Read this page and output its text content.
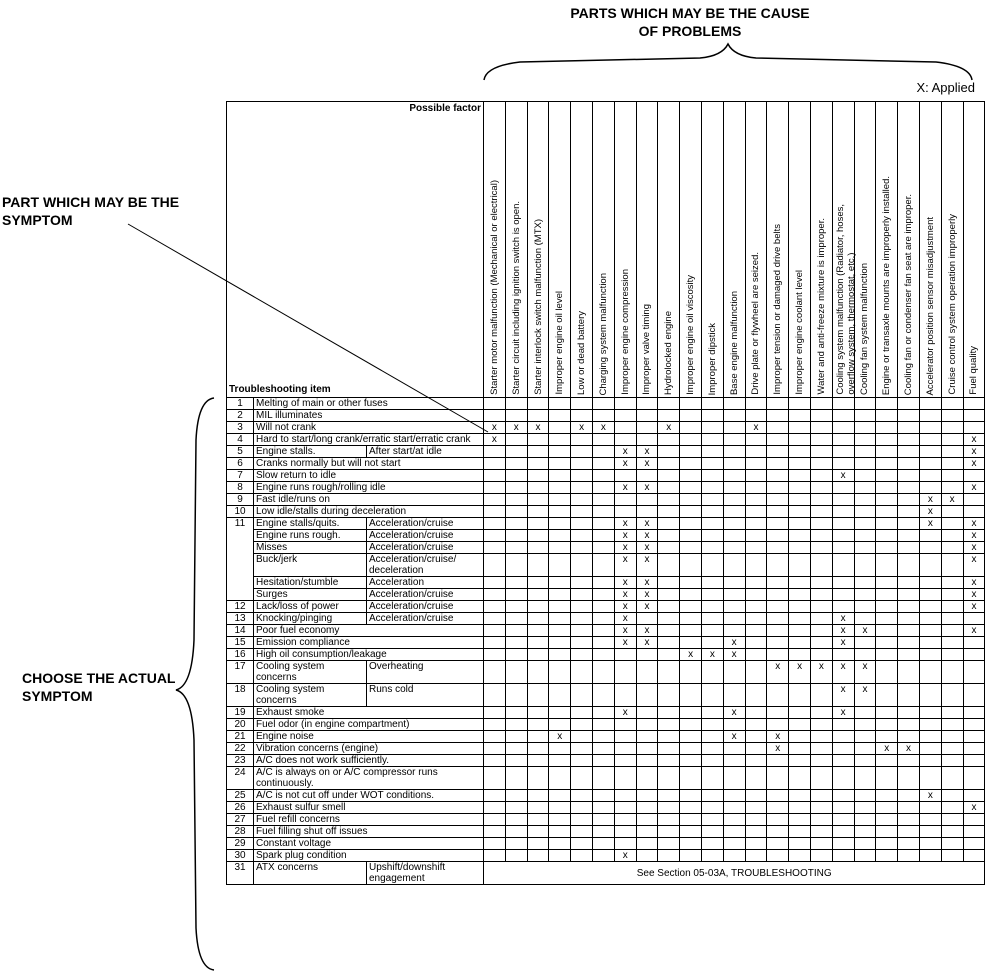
PARTS WHICH MAY BE THE CAUSE OF PROBLEMS
X: Applied
PART WHICH MAY BE THE SYMPTOM
CHOOSE THE ACTUAL SYMPTOM
Possible factor
Troubleshooting item			Starter motor malfunction (Mechanical or electrical)	Starter circuit including ignition switch is open.	Starter interlock switch malfunction (MTX)	Improper engine oil level	Low or dead battery	Charging system malfunction	Improper engine compression	Improper valve timing	Hydrolocked engine	Improper engine oil viscosity	Improper dipstick	Base engine malfunction	Drive plate or flywheel are seized.	Improper tension or damaged drive belts	Improper engine coolant level	Water and anti-freeze mixture is improper.	Cooling system malfunction (Radiator, hoses,
overflow system, thermostat, etc.)	Cooling fan system malfunction	Engine or transaxle mounts are improperly installed.	Cooling fan or condenser fan seat are improper.	Accelerator position sensor misadjustment	Cruise control system operation improperly	Fuel quality

1	Melting of main or other fuses																								
2	MIL illuminates																								
3	Will not crank		x	x	x		x	x			x				x										
4	Hard to start/long crank/erratic start/erratic crank		x																						x
5	Engine stalls.	After start/at idle							x	x															x
6	Cranks normally but will not start								x	x															x
7	Slow return to idle																		x						
8	Engine runs rough/rolling idle								x	x															x
9	Fast idle/runs on																						x	x	
10	Low idle/stalls during deceleration																						x		
11	Engine stalls/quits.	Acceleration/cruise							x	x													x		x
	Engine runs rough.	Acceleration/cruise							x	x															x
	Misses	Acceleration/cruise							x	x															x
	Buck/jerk	Acceleration/cruise/ deceleration							x	x															x
	Hesitation/stumble	Acceleration							x	x															x
	Surges	Acceleration/cruise							x	x															x
12	Lack/loss of power	Acceleration/cruise							x	x															x
13	Knocking/pinging	Acceleration/cruise							x										x						
14	Poor fuel economy								x	x									x	x					x
15	Emission compliance								x	x				x					x						
16	High oil consumption/leakage											x	x	x											
17	Cooling system concerns	Overheating														x	x	x	x	x					
18	Cooling system concerns	Runs cold																	x	x					
19	Exhaust smoke								x					x					x						
20	Fuel odor (in engine compartment)																								
21	Engine noise					x								x		x									
22	Vibration concerns (engine)															x					x	x			
23	A/C does not work sufficiently.																								
24	A/C is always on or A/C compressor runs continuously.																								
25	A/C is not cut off under WOT conditions.																						x		
26	Exhaust sulfur smell																								x
27	Fuel refill concerns																								
28	Fuel filling shut off issues																								
29	Constant voltage																								
30	Spark plug condition								x																
31	ATX concerns	Upshift/downshift engagement	See Section 05-03A, TROUBLESHOOTING																						
